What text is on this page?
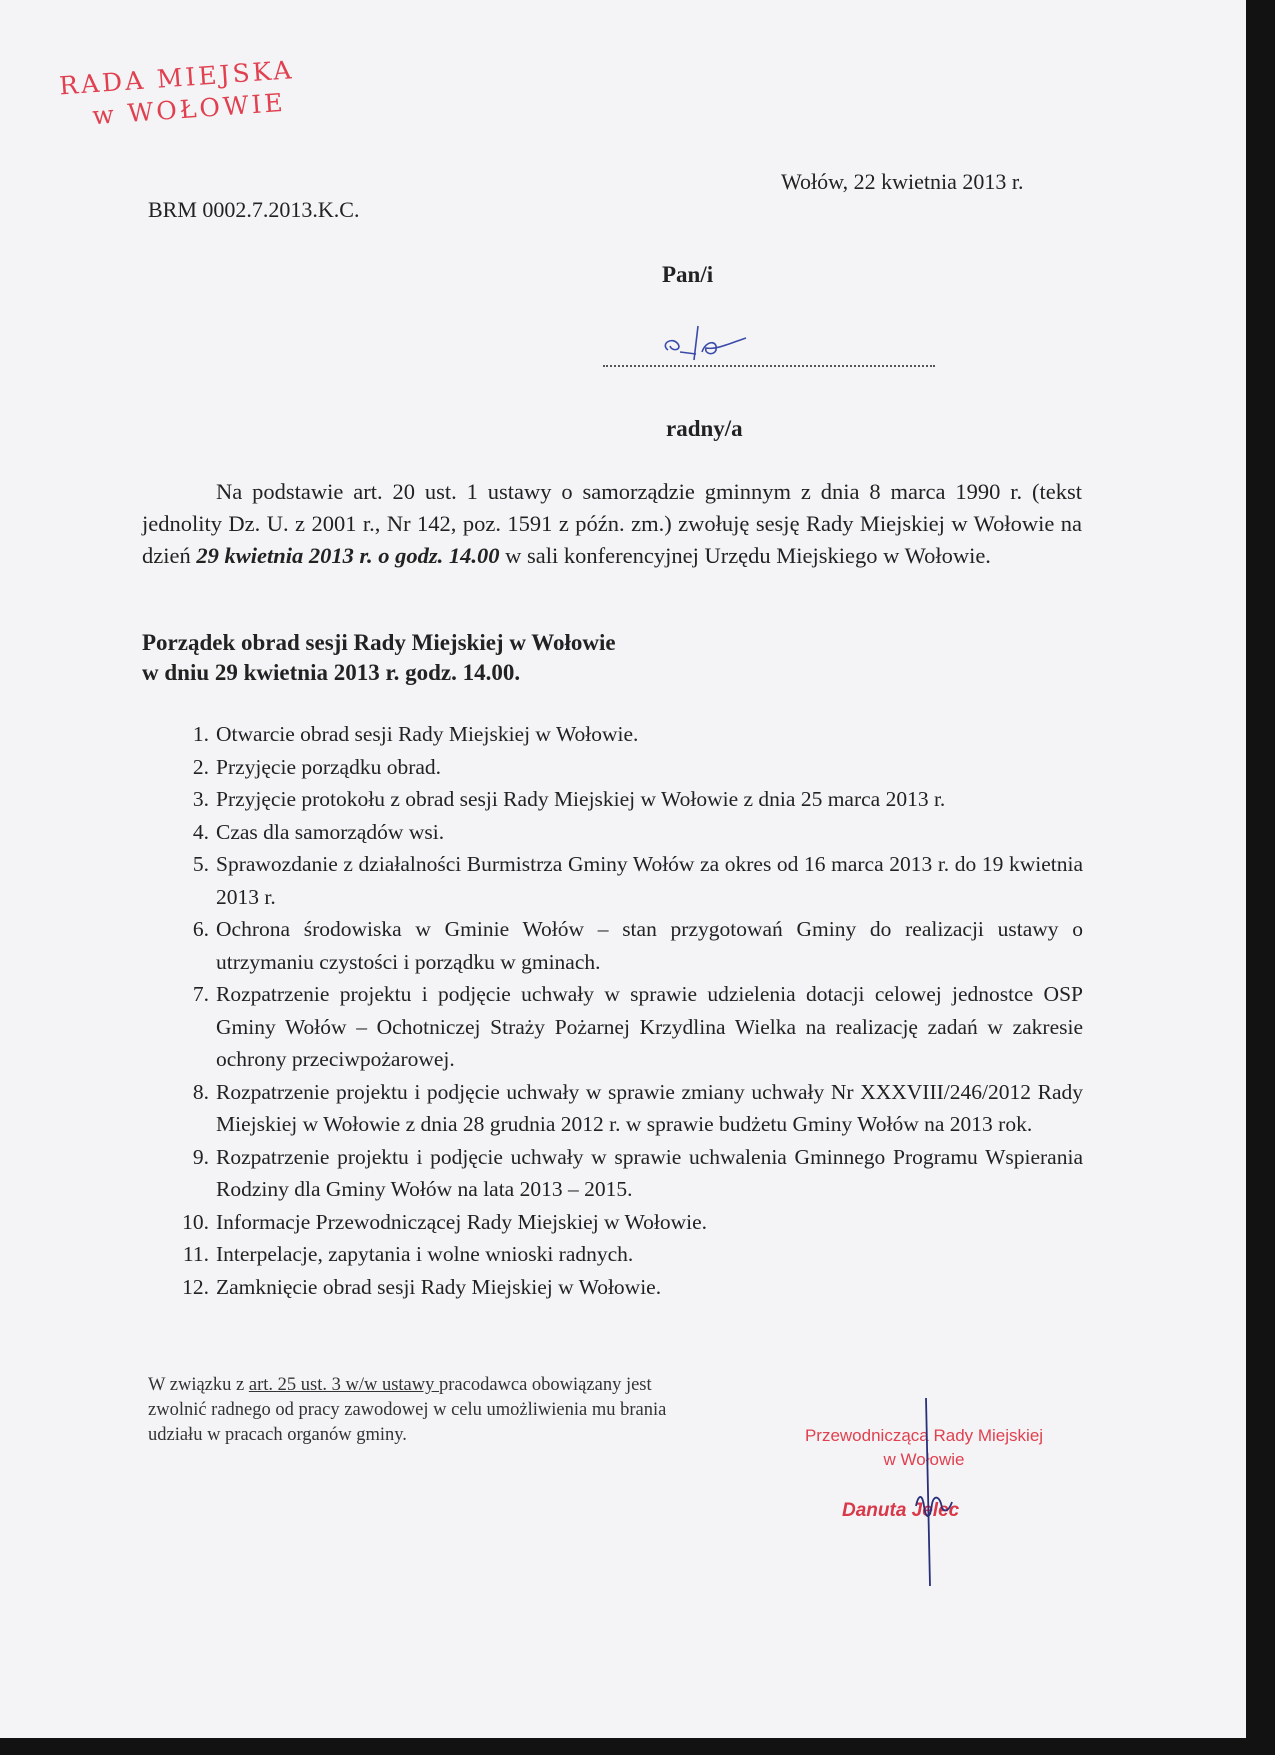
RADA MIEJSKA
w WOŁOWIE
BRM 0002.7.2013.K.C.
Wołów, 22 kwietnia 2013 r.
Pan/i
radny/a
Na podstawie art. 20 ust. 1 ustawy o samorządzie gminnym z dnia 8 marca 1990 r. (tekst jednolity Dz. U. z 2001 r., Nr 142, poz. 1591 z późn. zm.) zwołuję sesję Rady Miejskiej w Wołowie na dzień 29 kwietnia 2013 r. o godz. 14.00 w sali konferencyjnej Urzędu Miejskiego w Wołowie.
Porządek obrad sesji Rady Miejskiej w Wołowie
w dniu 29 kwietnia 2013 r. godz. 14.00.
1. Otwarcie obrad sesji Rady Miejskiej w Wołowie.
2. Przyjęcie porządku obrad.
3. Przyjęcie protokołu z obrad sesji Rady Miejskiej w Wołowie z dnia 25 marca 2013 r.
4. Czas dla samorządów wsi.
5. Sprawozdanie z działalności Burmistrza Gminy Wołów za okres od 16 marca 2013 r. do 19 kwietnia 2013 r.
6. Ochrona środowiska w Gminie Wołów – stan przygotowań Gminy do realizacji ustawy o utrzymaniu czystości i porządku w gminach.
7. Rozpatrzenie projektu i podjęcie uchwały w sprawie udzielenia dotacji celowej jednostce OSP Gminy Wołów – Ochotniczej Straży Pożarnej Krzydlina Wielka na realizację zadań w zakresie ochrony przeciwpożarowej.
8. Rozpatrzenie projektu i podjęcie uchwały w sprawie zmiany uchwały Nr XXXVIII/246/2012 Rady Miejskiej w Wołowie z dnia 28 grudnia 2012 r. w sprawie budżetu Gminy Wołów na 2013 rok.
9. Rozpatrzenie projektu i podjęcie uchwały w sprawie uchwalenia Gminnego Programu Wspierania Rodziny dla Gminy Wołów na lata 2013 – 2015.
10. Informacje Przewodniczącej Rady Miejskiej w Wołowie.
11. Interpelacje, zapytania i wolne wnioski radnych.
12. Zamknięcie obrad sesji Rady Miejskiej w Wołowie.
W związku z art. 25 ust. 3 w/w ustawy pracodawca obowiązany jest zwolnić radnego od pracy zawodowej w celu umożliwienia mu brania udziału w pracach organów gminy.	Przewodnicząca Rady Miejskiej
w Wołowie
Danuta Jelec
